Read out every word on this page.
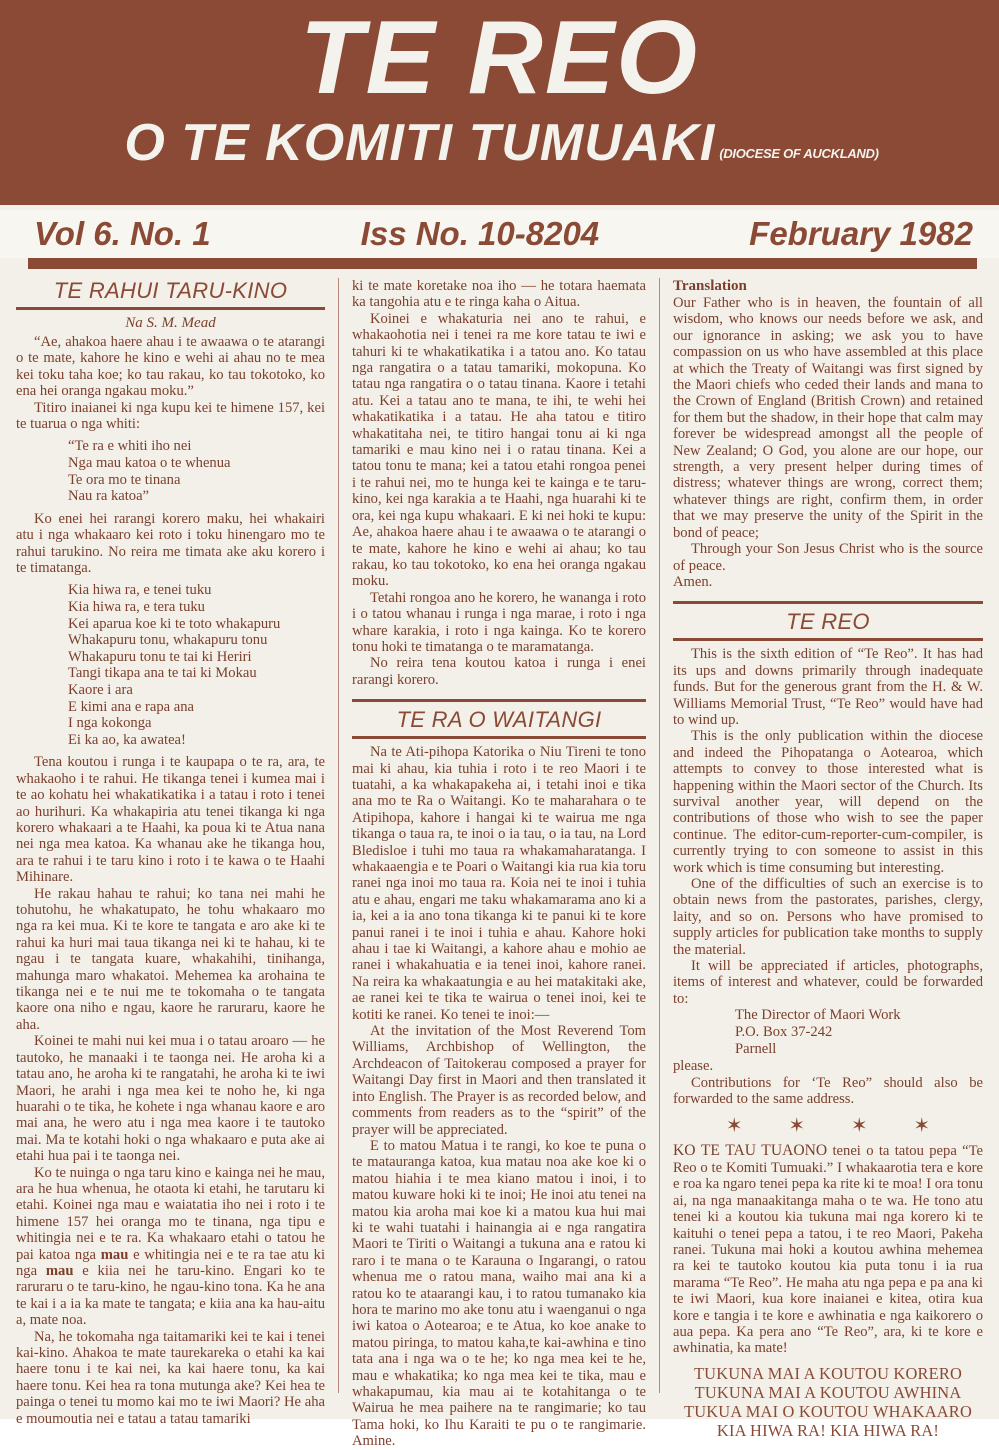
TE REO
O TE KOMITI TUMUAKI (DIOCESE OF AUCKLAND)
Vol 6. No. 1	Iss No. 10-8204	February 1982
TE RAHUI TARU-KINO
Na S. M. Mead

“Ae, ahakoa haere ahau i te awaawa o te atarangi o te mate, kahore he kino e wehi ai ahau no te mea kei toku taha koe; ko tau rakau, ko tau tokotoko, ko ena hei oranga ngakau moku.”

Titiro inaianei ki nga kupu kei te himene 157, kei te tuarua o nga whiti:

“Te ra e whiti iho nei
Nga mau katoa o te whenua
Te ora mo te tinana
Nau ra katoa”

Ko enei hei rarangi korero maku, hei whakairi atu i nga whakaaro kei roto i toku hinengaro mo te rahui tarukino. No reira me timata ake aku korero i te timatanga.

Kia hiwa ra, e tenei tuku
Kia hiwa ra, e tera tuku
Kei aparua koe ki te toto whakapuru
Whakapuru tonu, whakapuru tonu
Whakapuru tonu te tai ki Heriri
Tangi tikapa ana te tai ki Mokau
Kaore i ara
E kimi ana e rapa ana
I nga kokonga
Ei ka ao, ka awatea!

Tena koutou i runga i te kaupapa o te ra, ara, te whakaoho i te rahui. He tikanga tenei i kumea mai i te ao kohatu hei whakatikatika i a tatau i roto i tenei ao hurihuri. Ka whakapiria atu tenei tikanga ki nga korero whakaari a te Haahi, ka poua ki te Atua nana nei nga mea katoa. Ka whanau ake he tikanga hou, ara te rahui i te taru kino i roto i te kawa o te Haahi Mihinare.

He rakau hahau te rahui; ko tana nei mahi he tohutohu, he whakatupato, he tohu whakaaro mo nga ra kei mua. Ki te kore te tangata e aro ake ki te rahui ka huri mai taua tikanga nei ki te hahau, ki te ngau i te tangata kuare, whakahihi, tinihanga, mahunga maro whakatoi. Mehemea ka arohaina te tikanga nei e te nui me te tokomaha o te tangata kaore ona niho e ngau, kaore he raruraru, kaore he aha.

Koinei te mahi nui kei mua i o tatau aroaro — he tautoko, he manaaki i te taonga nei. He aroha ki a tatau ano, he aroha ki te rangatahi, he aroha ki te iwi Maori, he arahi i nga mea kei te noho he, ki nga huarahi o te tika, he kohete i nga whanau kaore e aro mai ana, he wero atu i nga mea kaore i te tautoko mai. Ma te kotahi hoki o nga whakaaro e puta ake ai etahi hua pai i te taonga nei.

Ko te nuinga o nga taru kino e kainga nei he mau, ara he hua whenua, he otaota ki etahi, he tarutaru ki etahi. Koinei nga mau e waiatatia iho nei i roto i te himene 157 hei oranga mo te tinana, nga tipu e whitingia nei e te ra. Ka whakaaro etahi o tatou he pai katoa nga mau e whitingia nei e te ra tae atu ki nga mau e kiia nei he taru-kino. Engari ko te raruraru o te taru-kino, he ngau-kino tona. Ka he ana te kai i a ia ka mate te tangata; e kiia ana ka hau-aitu a, mate noa.

Na, he tokomaha nga taitamariki kei te kai i tenei kai-kino. Ahakoa te mate taurekareka o etahi ka kai haere tonu i te kai nei, ka kai haere tonu, ka kai haere tonu. Kei hea ra tona mutunga ake? Kei hea te painga o tenei tu momo kai mo te iwi Maori? He aha e moumoutia nei e tatau a tatau tamariki

ki te mate koretake noa iho — he totara haemata ka tangohia atu e te ringa kaha o Aitua.

Koinei e whakaturia nei ano te rahui, e whakaohotia nei i tenei ra me kore tatau te iwi e tahuri ki te whakatikatika i a tatou ano. Ko tatau nga rangatira o a tatau tamariki, mokopuna. Ko tatau nga rangatira o o tatau tinana. Kaore i tetahi atu. Kei a tatau ano te mana, te ihi, te wehi hei whakatikatika i a tatau. He aha tatou e titiro whakatitaha nei, te titiro hangai tonu ai ki nga tamariki e mau kino nei i o ratau tinana. Kei a tatou tonu te mana; kei a tatou etahi rongoa penei i te rahui nei, mo te hunga kei te kainga e te taru-kino, kei nga karakia a te Haahi, nga huarahi ki te ora, kei nga kupu whakaari. E ki nei hoki te kupu: Ae, ahakoa haere ahau i te awaawa o te atarangi o te mate, kahore he kino e wehi ai ahau; ko tau rakau, ko tau tokotoko, ko ena hei oranga ngakau moku.

Tetahi rongoa ano he korero, he wananga i roto i o tatou whanau i runga i nga marae, i roto i nga whare karakia, i roto i nga kainga. Ko te korero tonu hoki te timatanga o te maramatanga.

No reira tena koutou katoa i runga i enei rarangi korero.

TE RA O WAITANGI

Na te Ati-pihopa Katorika o Niu Tireni te tono mai ki ahau, kia tuhia i roto i te reo Maori i te tuatahi, a ka whakapakeha ai, i tetahi inoi e tika ana mo te Ra o Waitangi. Ko te maharahara o te Atipihopa, kahore i hangai ki te wairua me nga tikanga o taua ra, te inoi o ia tau, o ia tau, na Lord Bledisloe i tuhi mo taua ra whakamaharatanga. I whakaaengia e te Poari o Waitangi kia rua kia toru ranei nga inoi mo taua ra. Koia nei te inoi i tuhia atu e ahau, engari me taku whakamarama ano ki a ia, kei a ia ano tona tikanga ki te panui ki te kore panui ranei i te inoi i tuhia e ahau. Kahore hoki ahau i tae ki Waitangi, a kahore ahau e mohio ae ranei i whakahuatia e ia tenei inoi, kahore ranei. Na reira ka whakaatungia e au hei matakitaki ake, ae ranei kei te tika te wairua o tenei inoi, kei te kotiti ke ranei. Ko tenei te inoi:—

At the invitation of the Most Reverend Tom Williams, Archbishop of Wellington, the Archdeacon of Taitokerau composed a prayer for Waitangi Day first in Maori and then translated it into English. The Prayer is as recorded below, and comments from readers as to the “spirit” of the prayer will be appreciated.

E to matou Matua i te rangi, ko koe te puna o te matauranga katoa, kua matau noa ake koe ki o matou hiahia i te mea kiano matou i inoi, i to matou kuware hoki ki te inoi; He inoi atu tenei na matou kia aroha mai koe ki a matou kua hui mai ki te wahi tuatahi i hainangia ai e nga rangatira Maori te Tiriti o Waitangi a tukuna ana e ratou ki raro i te mana o te Karauna o Ingarangi, o ratou whenua me o ratou mana, waiho mai ana ki a ratou ko te ataarangi kau, i to ratou tumanako kia hora te marino mo ake tonu atu i waenganui o nga iwi katoa o Aotearoa; e te Atua, ko koe anake to matou piringa, to matou kaha,te kai-awhina e tino tata ana i nga wa o te he; ko nga mea kei te he, mau e whakatika; ko nga mea kei te tika, mau e whakapumau, kia mau ai te kotahitanga o te Wairua he mea paihere na te rangimarie; ko tau Tama hoki, ko Ihu Karaiti te pu o te rangimarie. Amine.

Translation

Our Father who is in heaven, the fountain of all wisdom, who knows our needs before we ask, and our ignorance in asking; we ask you to have compassion on us who have assembled at this place at which the Treaty of Waitangi was first signed by the Maori chiefs who ceded their lands and mana to the Crown of England (British Crown) and retained for them but the shadow, in their hope that calm may forever be widespread amongst all the people of New Zealand; O God, you alone are our hope, our strength, a very present helper during times of distress; whatever things are wrong, correct them; whatever things are right, confirm them, in order that we may preserve the unity of the Spirit in the bond of peace;

Through your Son Jesus Christ who is the source of peace.

Amen.

TE REO

This is the sixth edition of “Te Reo”. It has had its ups and downs primarily through inadequate funds. But for the generous grant from the H. & W. Williams Memorial Trust, “Te Reo” would have had to wind up.

This is the only publication within the diocese and indeed the Pihopatanga o Aotearoa, which attempts to convey to those interested what is happening within the Maori sector of the Church. Its survival another year, will depend on the contributions of those who wish to see the paper continue. The editor-cum-reporter-cum-compiler, is currently trying to con someone to assist in this work which is time consuming but interesting.

One of the difficulties of such an exercise is to obtain news from the pastorates, parishes, clergy, laity, and so on. Persons who have promised to supply articles for publication take months to supply the material.

It will be appreciated if articles, photographs, items of interest and whatever, could be forwarded to:

The Director of Maori Work
P.O. Box 37-242
Parnell

please.

Contributions for ‘Te Reo” should also be forwarded to the same address.

✶ ✶ ✶ ✶

KO TE TAU TUAONO tenei o ta tatou pepa “Te Reo o te Komiti Tumuaki.” I whakaarotia tera e kore e roa ka ngaro tenei pepa ka rite ki te moa! I ora tonu ai, na nga manaakitanga maha o te wa. He tono atu tenei ki a koutou kia tukuna mai nga korero ki te kaituhi o tenei pepa a tatou, i te reo Maori, Pakeha ranei. Tukuna mai hoki a koutou awhina mehemea ra kei te tautoko koutou kia puta tonu i ia rua marama “Te Reo”. He maha atu nga pepa e pa ana ki te iwi Maori, kua kore inaianei e kitea, otira kua kore e tangia i te kore e awhinatia e nga kaikorero o aua pepa. Ka pera ano “Te Reo”, ara, ki te kore e awhinatia, ka mate!

TUKUNA MAI A KOUTOU KORERO
TUKUNA MAI A KOUTOU AWHINA
TUKUA MAI O KOUTOU WHAKAARO
KIA HIWA RA! KIA HIWA RA!
